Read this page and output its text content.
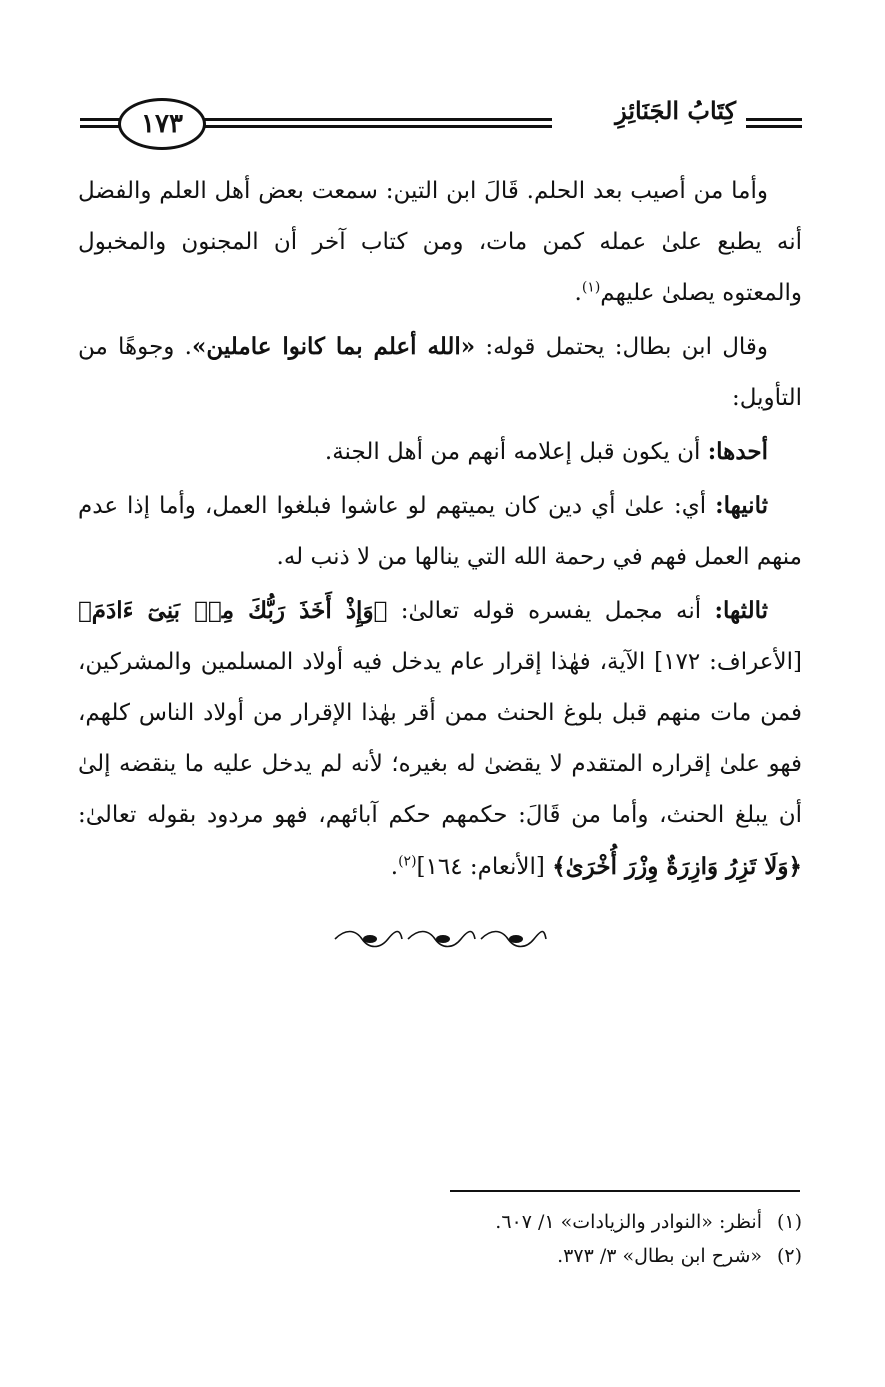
١٧٣	كِتَابُ الجَنَائِزِ

وأما من أصيب بعد الحلم. قَالَ ابن التين: سمعت بعض أهل العلم والفضل أنه يطبع علىٰ عمله كمن مات، ومن كتاب آخر أن المجنون والمخبول والمعتوه يصلىٰ عليهم$^{(١)}$.

وقال ابن بطال: يحتمل قوله: «الله أعلم بما كانوا عاملين». وجوهًا من التأويل:

أحدها: أن يكون قبل إعلامه أنهم من أهل الجنة.

ثانيها: أي: علىٰ أي دين كان يميتهم لو عاشوا فبلغوا العمل، وأما إذا عدم منهم العمل فهم في رحمة الله التي ينالها من لا ذنب له.

ثالثها: أنه مجمل يفسره قوله تعالىٰ: ﴿وَإِذْ أَخَذَ رَبُّكَ مِنۢ بَنِىٓ ءَادَمَ﴾ [الأعراف: ١٧٢] الآية، فهٰذا إقرار عام يدخل فيه أولاد المسلمين والمشركين، فمن مات منهم قبل بلوغ الحنث ممن أقر بهٰذا الإقرار من أولاد الناس كلهم، فهو علىٰ إقراره المتقدم لا يقضىٰ له بغيره؛ لأنه لم يدخل عليه ما ينقضه إلىٰ أن يبلغ الحنث، وأما من قَالَ: حكمهم حكم آبائهم، فهو مردود بقوله تعالىٰ: ﴿وَلَا تَزِرُ وَازِرَةٌ وِزْرَ أُخْرَىٰ﴾ [الأنعام: ١٦٤]$^{(٢)}$.

(١)أنظر: «النوادر والزيادات» ١/ ٦٠٧.
(٢)«شرح ابن بطال» ٣/ ٣٧٣.
